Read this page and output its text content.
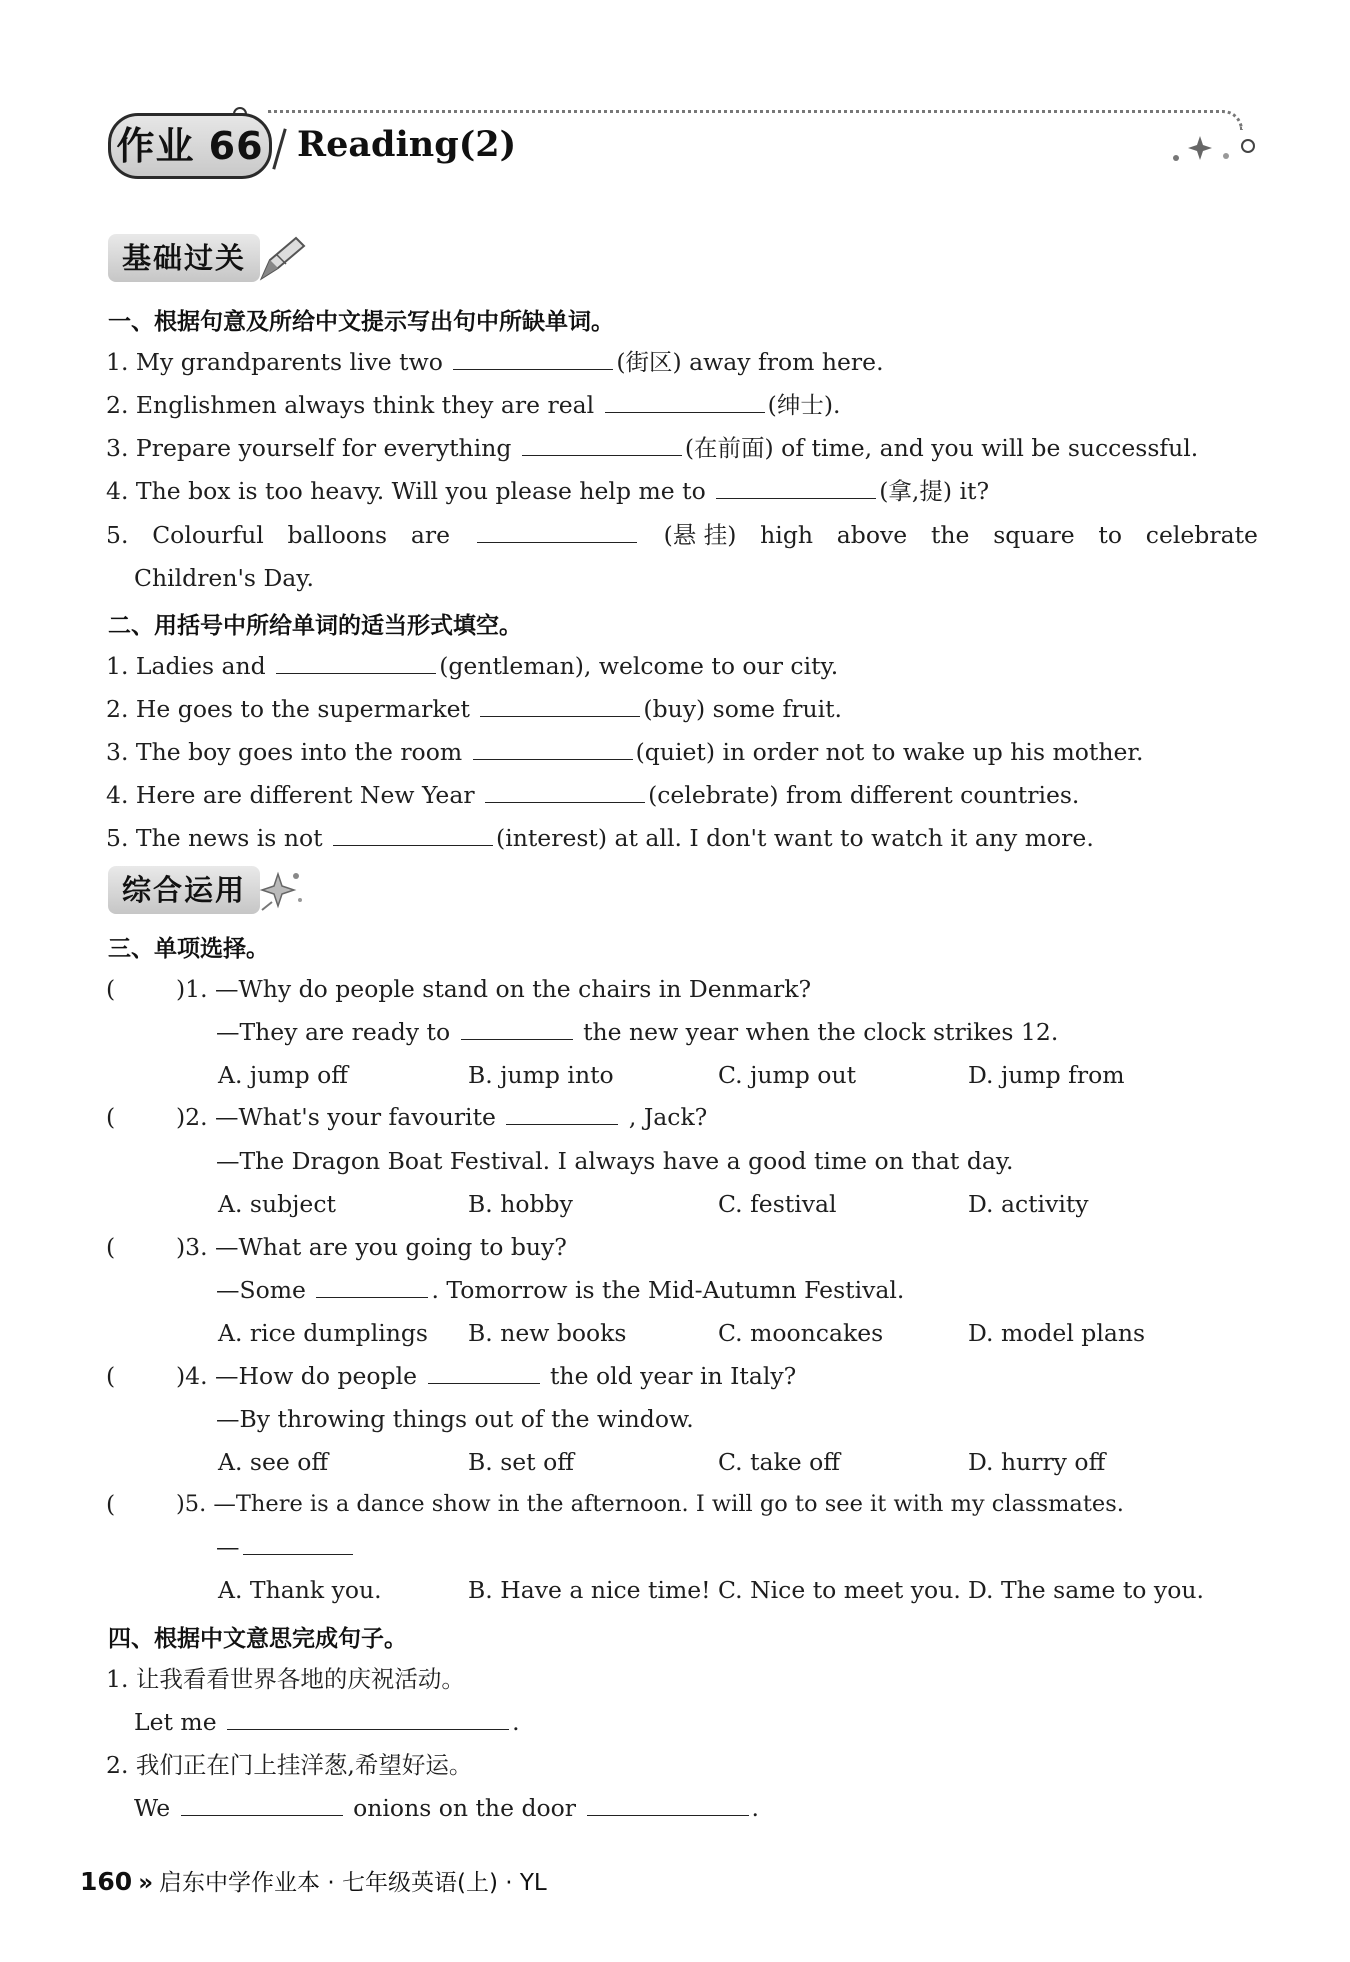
作业 66 Reading(2)
基础过关
一、根据句意及所给中文提示写出句中所缺单词。
1. My grandparents live two	(街区) away from here.
2. Englishmen always think they are real	(绅士).
3. Prepare yourself for everything	(在前面) of time, and you will be successful.
4. The box is too heavy. Will you please help me to	(拿,提) it?
5. Colourful balloons are	(悬 挂) high above the square to celebrate
Children's Day.
二、用括号中所给单词的适当形式填空。
1. Ladies and	(gentleman), welcome to our city.
2. He goes to the supermarket	(buy) some fruit.
3. The boy goes into the room	(quiet) in order not to wake up his mother.
4. Here are different New Year	(celebrate) from different countries.
5. The news is not	(interest) at all. I don't want to watch it any more.
综合运用
三、单项选择。
(	)1. —Why do people stand on the chairs in Denmark?
—They are ready to	the new year when the clock strikes 12.
A. jump off	B. jump into	C. jump out	D. jump from
(	)2. —What's your favourite	, Jack?
—The Dragon Boat Festival. I always have a good time on that day.
A. subject	B. hobby	C. festival	D. activity
(	)3. —What are you going to buy?
—Some	. Tomorrow is the Mid-Autumn Festival.
A. rice dumplings B. new books	C. mooncakes	D. model plans
(	)4. —How do people	the old year in Italy?
—By throwing things out of the window.
A. see off	B. set off	C. take off	D. hurry off
(	)5. —There is a dance show in the afternoon. I will go to see it with my classmates.
—
A. Thank you.	B. Have a nice time! C. Nice to meet you. D. The same to you.
四、根据中文意思完成句子。
1. 让我看看世界各地的庆祝活动。
Let me	.
2. 我们正在门上挂洋葱,希望好运。
We	onions on the door	.
160 » 启东中学作业本 · 七年级英语(上) · YL
